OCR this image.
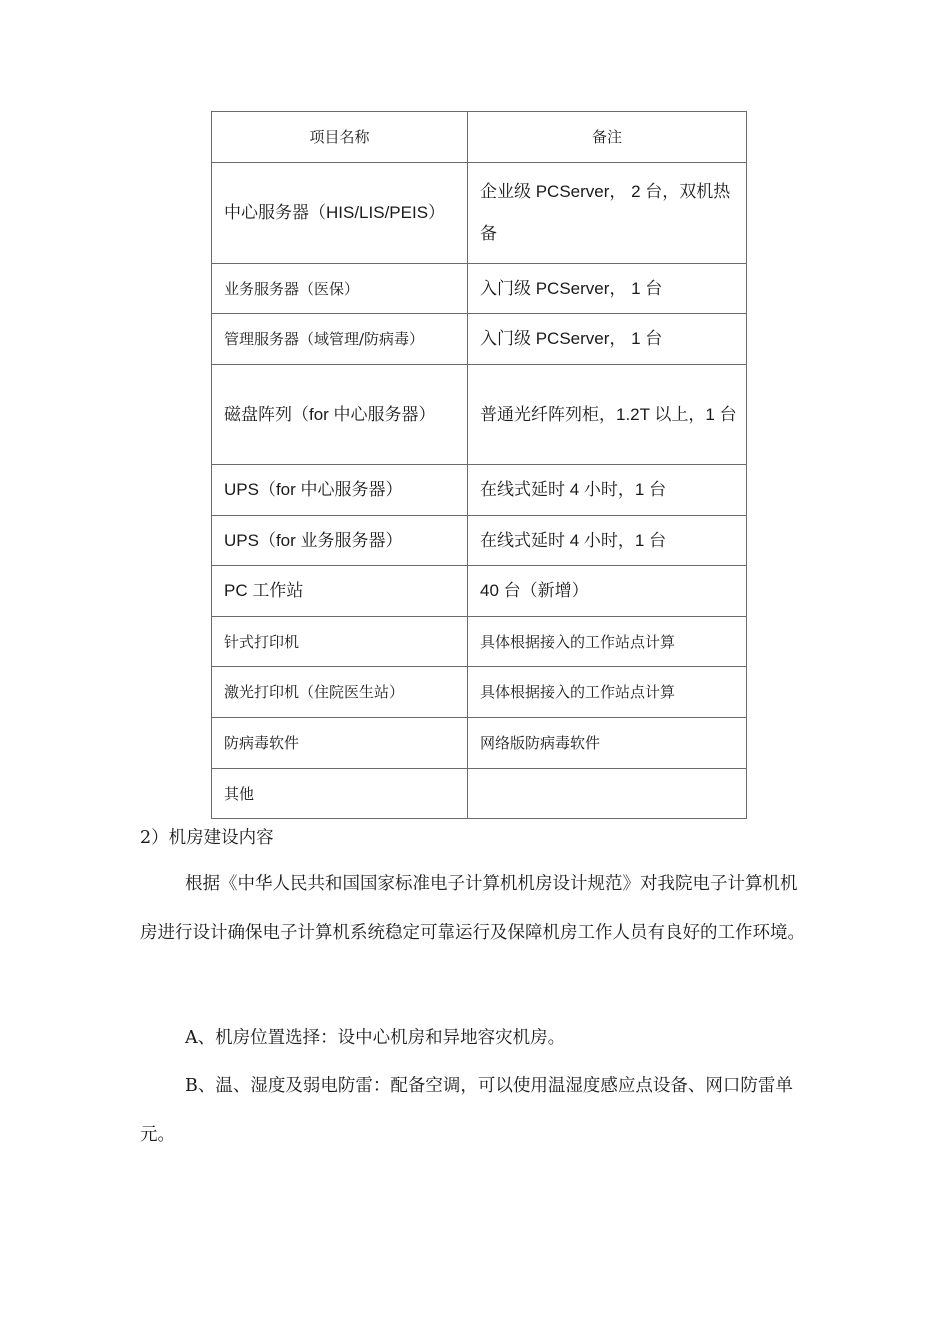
项目名称	备注
中心服务器（HIS/LIS/PEIS）	企业级 PCServer， 2 台，双机热备
业务服务器（医保）	入门级 PCServer， 1 台
管理服务器（域管理/防病毒）	入门级 PCServer， 1 台
磁盘阵列（for 中心服务器）	普通光纤阵列柜，1.2T 以上，1 台
UPS（for 中心服务器）	在线式延时 4 小时，1 台
UPS（for 业务服务器）	在线式延时 4 小时，1 台
PC 工作站	40 台（新增）
针式打印机	具体根据接入的工作站点计算
激光打印机（住院医生站）	具体根据接入的工作站点计算
防病毒软件	网络版防病毒软件
其他	

2）机房建设内容

根据《中华人民共和国国家标准电子计算机机房设计规范》对我院电子计算机机房进行设计确保电子计算机系统稳定可靠运行及保障机房工作人员有良好的工作环境。

A、机房位置选择：设中心机房和异地容灾机房。

B、温、湿度及弱电防雷：配备空调，可以使用温湿度感应点设备、网口防雷单元。
